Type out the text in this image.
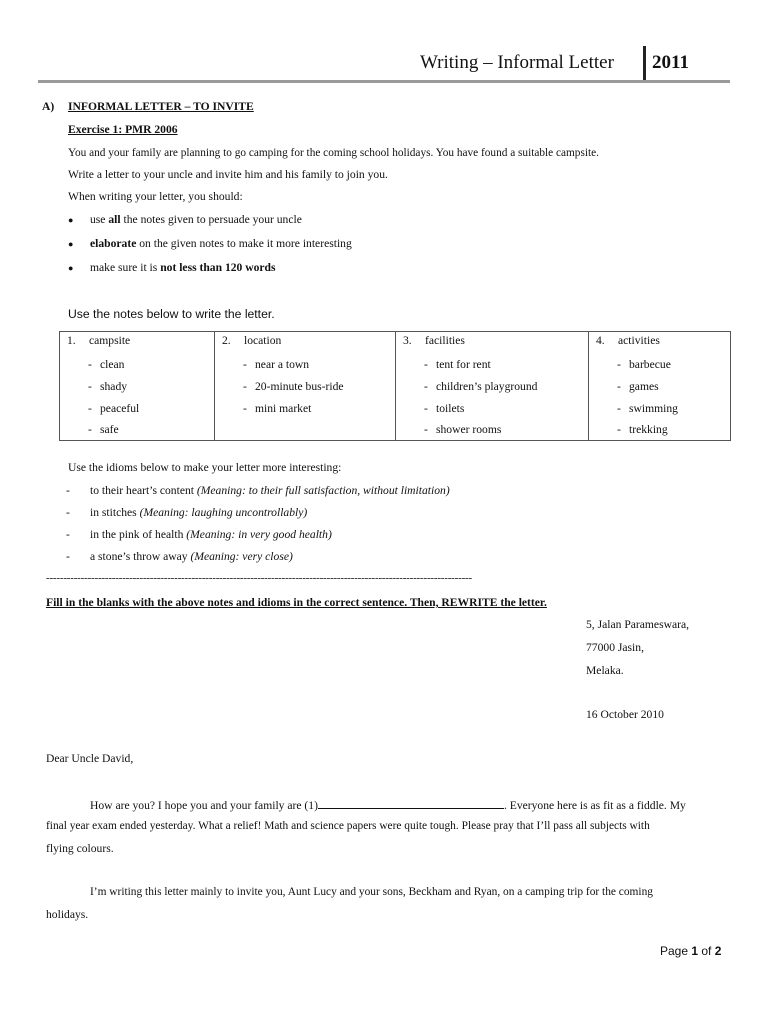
Writing – Informal Letter 2011
A) INFORMAL LETTER – TO INVITE
Exercise 1: PMR 2006
You and your family are planning to go camping for the coming school holidays. You have found a suitable campsite.
Write a letter to your uncle and invite him and his family to join you.
When writing your letter, you should:
● use all the notes given to persuade your uncle
● elaborate on the given notes to make it more interesting
● make sure it is not less than 120 words
Use the notes below to write the letter.
1. campsite
- clean
- shady
- peaceful
- safe

2. location
- near a town
- 20-minute bus-ride
- mini market

3. facilities
- tent for rent
- children’s playground
- toilets
- shower rooms

4. activities
- barbecue
- games
- swimming
- trekking
Use the idioms below to make your letter more interesting:
- to their heart’s content (Meaning: to their full satisfaction, without limitation)
- in stitches (Meaning: laughing uncontrollably)
- in the pink of health (Meaning: in very good health)
- a stone’s throw away (Meaning: very close)
---------------------------------------------------------------------------------------------------------------------------
Fill in the blanks with the above notes and idioms in the correct sentence. Then, REWRITE the letter.
5, Jalan Parameswara,
77000 Jasin,
Melaka.
16 October 2010
Dear Uncle David,
How are you? I hope you and your family are (1)	. Everyone here is as fit as a fiddle. My
final year exam ended yesterday. What a relief! Math and science papers were quite tough. Please pray that I’ll pass all subjects with
flying colours.
I’m writing this letter mainly to invite you, Aunt Lucy and your sons, Beckham and Ryan, on a camping trip for the coming
holidays.
Page 1 of 2
